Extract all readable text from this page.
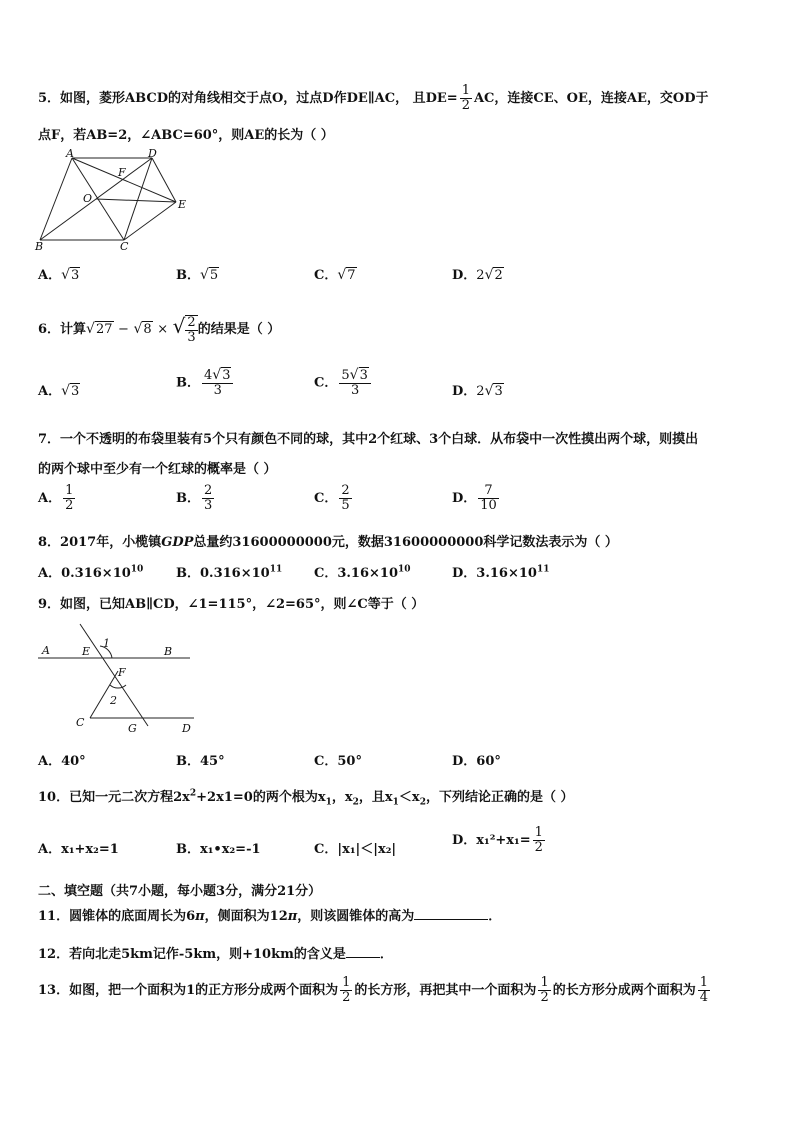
5．如图，菱形ABCD的对角线相交于点O，过点D作DE∥AC， 且$DE= \frac{1}{2}$ AC，连接CE、OE，连接AE，交OD于
点F，若AB=2，∠ABC=60°，则AE的长为（ ）
A	D
F
O	E
B	C
A．√3	B．√5	C．√7	D．2√2
6．计算√27 − √8 × √ $\frac{2}{3}$ 的结果是（ ）
A．√3
B． $\frac{4√3}{3}$	C． $\frac{5√3}{3}$	D．2√3
7．一个不透明的布袋里装有5个只有颜色不同的球，其中2个红球、3个白球．从布袋中一次性摸出两个球，则摸出
的两个球中至少有一个红球的概率是（ ）
A． $\frac{1}{2}$	B． $\frac{2}{3}$	C． $\frac{2}{5}$	D． $\frac{7}{10}$
8．2017年，小榄镇GDP总量约31600000000元，数据31600000000科学记数法表示为（ ）
A．$0.316\times 10^{10}$	B．$0.316\times 10^{11}$ C．$3.16\times 10^{10}$	D．$3.16\times 10^{11}$
9．如图，已知AB∥CD，∠1=115°，∠2=65°，则∠C等于（ ）
A	E
1
B
F
2
C	G	D
A．40°	B．45°	C．50°	D．60°
10．已知一元二次方程$2x^2+2x1=0$的两个根为$x_1$，$x_2$，且$x_1<x_2$，下列结论正确的是（ ）
A．x₁+x₂=1	B．x₁•x₂=-1	C．|x₁|＜|x₂|
D．$x_1^2+x_1= \frac{1}{2}$
二、填空题（共7小题，每小题3分，满分21分）
11．圆锥体的底面周长为6π，侧面积为12π，则该圆锥体的高为	．
12．若向北走5km记作-5km，则+10km的含义是	．
13．如图，把一个面积为1的正方形分成两个面积为 $\frac{1}{2}$ 的长方形，再把其中一个面积为 $\frac{1}{2}$ 的长方形分成两个面积为 $\frac{1}{4}$
